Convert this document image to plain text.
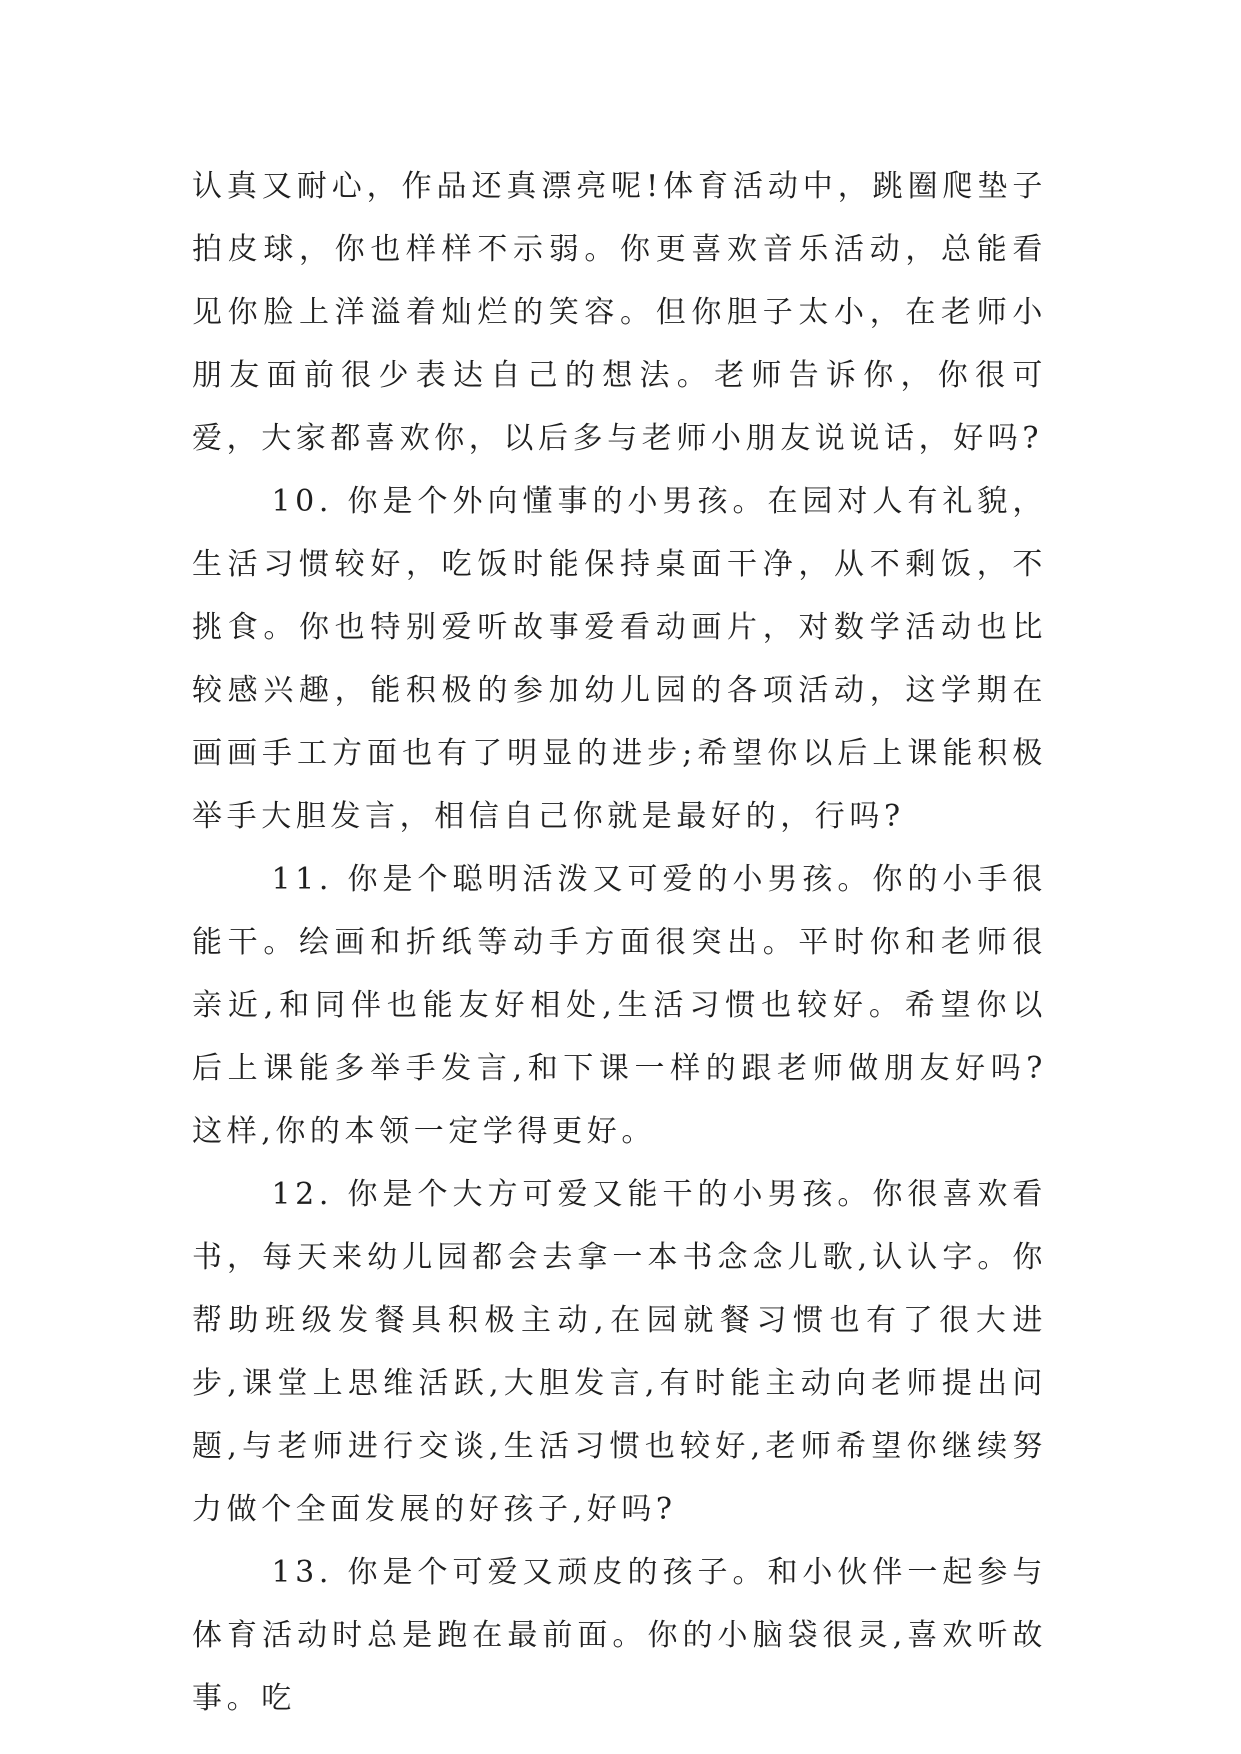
认真又耐心，作品还真漂亮呢!体育活动中，跳圈爬垫子拍皮球，你也样样不示弱。你更喜欢音乐活动，总能看见你脸上洋溢着灿烂的笑容。但你胆子太小，在老师小朋友面前很少表达自己的想法。老师告诉你，你很可爱，大家都喜欢你，以后多与老师小朋友说说话，好吗?

10. 你是个外向懂事的小男孩。在园对人有礼貌，生活习惯较好，吃饭时能保持桌面干净，从不剩饭，不挑食。你也特别爱听故事爱看动画片，对数学活动也比较感兴趣，能积极的参加幼儿园的各项活动，这学期在画画手工方面也有了明显的进步;希望你以后上课能积极举手大胆发言，相信自己你就是最好的，行吗?

11. 你是个聪明活泼又可爱的小男孩。你的小手很能干。绘画和折纸等动手方面很突出。平时你和老师很亲近,和同伴也能友好相处,生活习惯也较好。希望你以后上课能多举手发言,和下课一样的跟老师做朋友好吗?这样,你的本领一定学得更好。

12. 你是个大方可爱又能干的小男孩。你很喜欢看书，每天来幼儿园都会去拿一本书念念儿歌,认认字。你帮助班级发餐具积极主动,在园就餐习惯也有了很大进步,课堂上思维活跃,大胆发言,有时能主动向老师提出问题,与老师进行交谈,生活习惯也较好,老师希望你继续努力做个全面发展的好孩子,好吗?

13. 你是个可爱又顽皮的孩子。和小伙伴一起参与体育活动时总是跑在最前面。你的小脑袋很灵,喜欢听故事。吃
